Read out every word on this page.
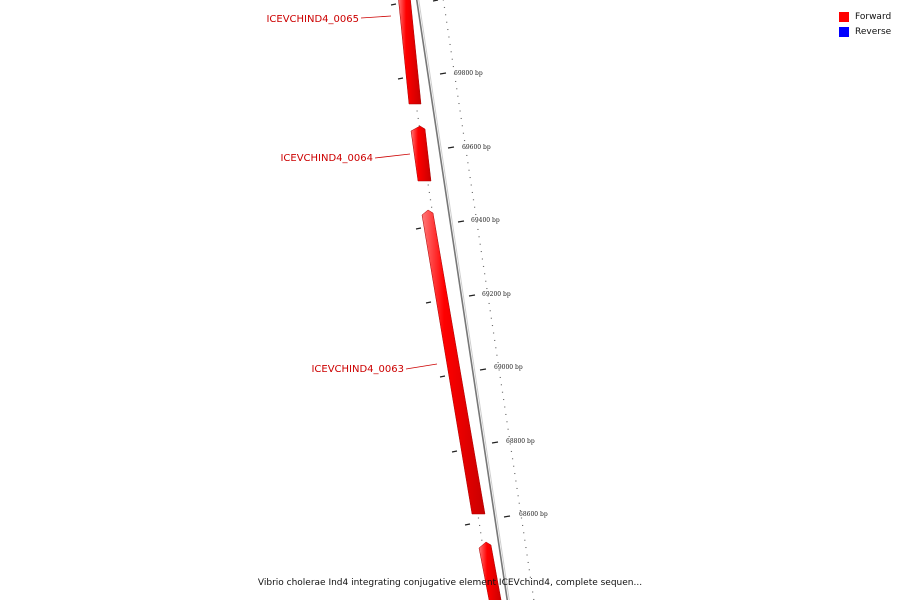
ICEVCHIND4_0065
ICEVCHIND4_0064
ICEVCHIND4_0063
69800 bp
69600 bp
69400 bp
69200 bp
69000 bp
68800 bp
68600 bp
Forward
Reverse
Vibrio cholerae Ind4 integrating conjugative element ICEVchind4, complete sequen...
